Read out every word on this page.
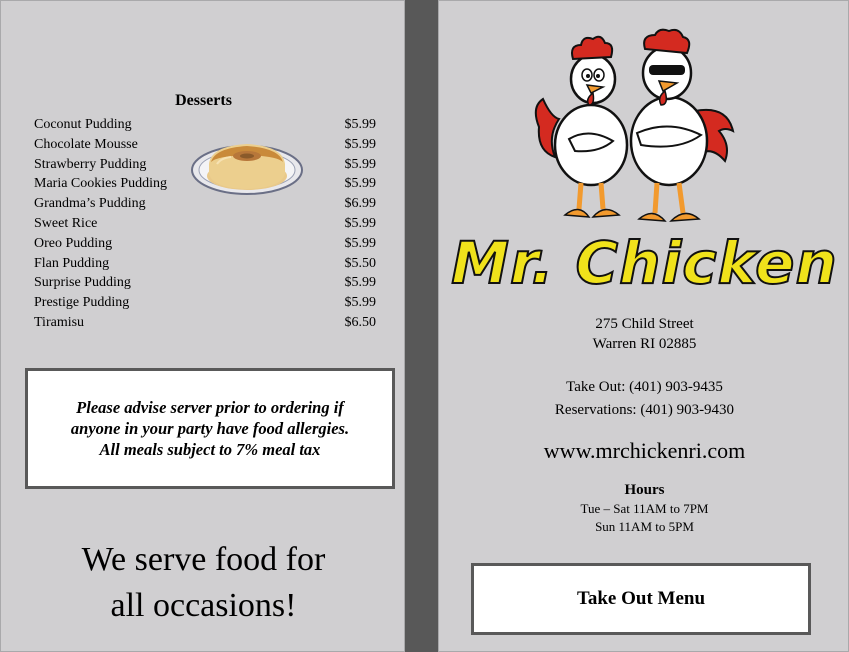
Desserts
Coconut Pudding	$5.99
Chocolate Mousse	$5.99
Strawberry Pudding	$5.99
Maria Cookies Pudding	$5.99
Grandma’s Pudding	$6.99
Sweet Rice	$5.99
Oreo Pudding	$5.99
Flan Pudding	$5.50
Surprise Pudding	$5.99
Prestige Pudding	$5.99
Tiramisu	$6.50
Please advise server prior to ordering if
anyone in your party have food allergies.
All meals subject to 7% meal tax
We serve food for
all occasions!
Mr. Chicken
275 Child Street
Warren RI 02885
Take Out: (401) 903-9435
Reservations: (401) 903-9430
www.mrchickenri.com
Hours
Tue – Sat 11AM to 7PM
Sun 11AM to 5PM
Take Out Menu
